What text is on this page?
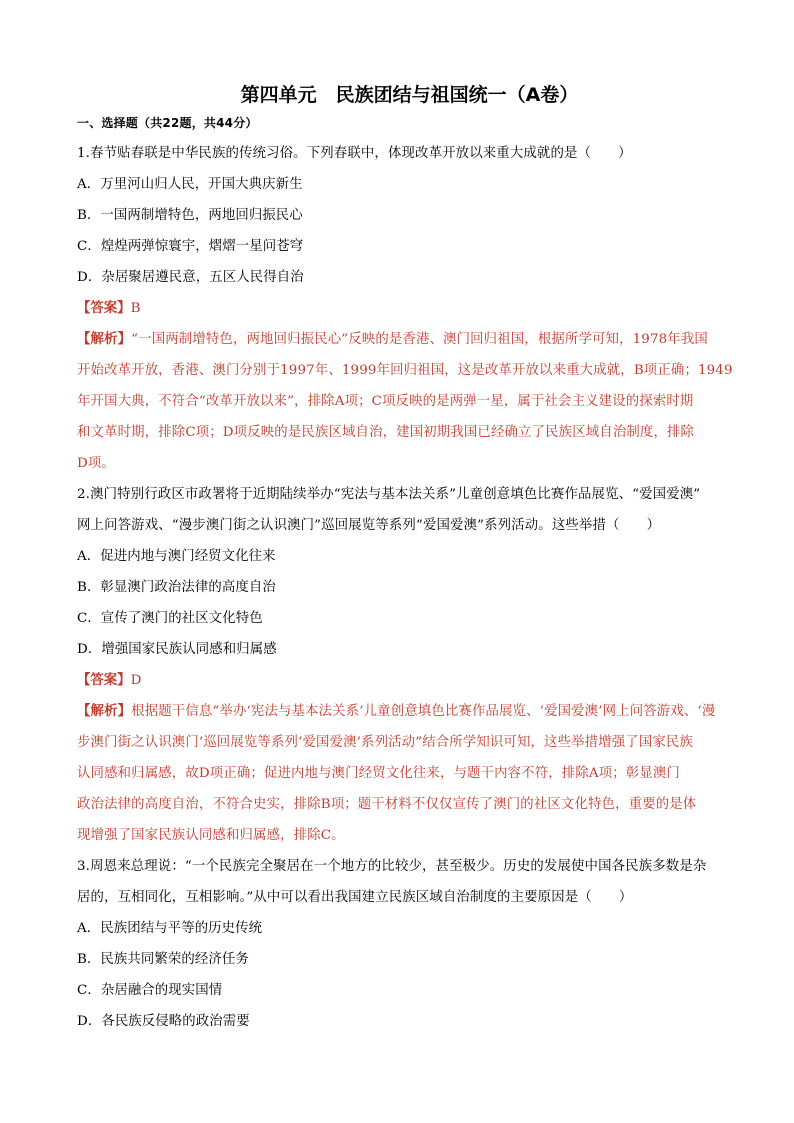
第四单元　民族团结与祖国统一（A卷）
一、选择题（共22题，共44分）

1.春节贴春联是中华民族的传统习俗。下列春联中，体现改革开放以来重大成就的是（　　）

A．万里河山归人民，开国大典庆新生

B．一国两制增特色，两地回归振民心

C．煌煌两弹惊寰宇，熠熠一星问苍穹

D．杂居聚居遵民意，五区人民得自治

【答案】B

【解析】“一国两制增特色，两地回归振民心”反映的是香港、澳门回归祖国，根据所学可知，1978年我国
开始改革开放，香港、澳门分别于1997年、1999年回归祖国，这是改革开放以来重大成就，B项正确；1949
年开国大典，不符合“改革开放以来”，排除A项；C项反映的是两弹一星，属于社会主义建设的探索时期
和文革时期，排除C项；D项反映的是民族区域自治，建国初期我国已经确立了民族区域自治制度，排除
D项。

2.澳门特别行政区市政署将于近期陆续举办“宪法与基本法关系”儿童创意填色比赛作品展览、“爱国爱澳”

网上问答游戏、“漫步澳门街之认识澳门”巡回展览等系列“爱国爱澳”系列活动。这些举措（　　）

A．促进内地与澳门经贸文化往来

B．彰显澳门政治法律的高度自治

C．宣传了澳门的社区文化特色

D．增强国家民族认同感和归属感

【答案】D

【解析】根据题干信息“举办‘宪法与基本法关系’儿童创意填色比赛作品展览、‘爱国爱澳’网上问答游戏、‘漫
步澳门街之认识澳门’巡回展览等系列‘爱国爱澳’系列活动”结合所学知识可知，这些举措增强了国家民族
认同感和归属感，故D项正确；促进内地与澳门经贸文化往来，与题干内容不符，排除A项；彰显澳门
政治法律的高度自治，不符合史实，排除B项；题干材料不仅仅宣传了澳门的社区文化特色，重要的是体
现增强了国家民族认同感和归属感，排除C。

3.周恩来总理说：“一个民族完全聚居在一个地方的比较少，甚至极少。历史的发展使中国各民族多数是杂

居的，互相同化，互相影响。”从中可以看出我国建立民族区域自治制度的主要原因是（　　）

A．民族团结与平等的历史传统

B．民族共同繁荣的经济任务

C．杂居融合的现实国情

D．各民族反侵略的政治需要
